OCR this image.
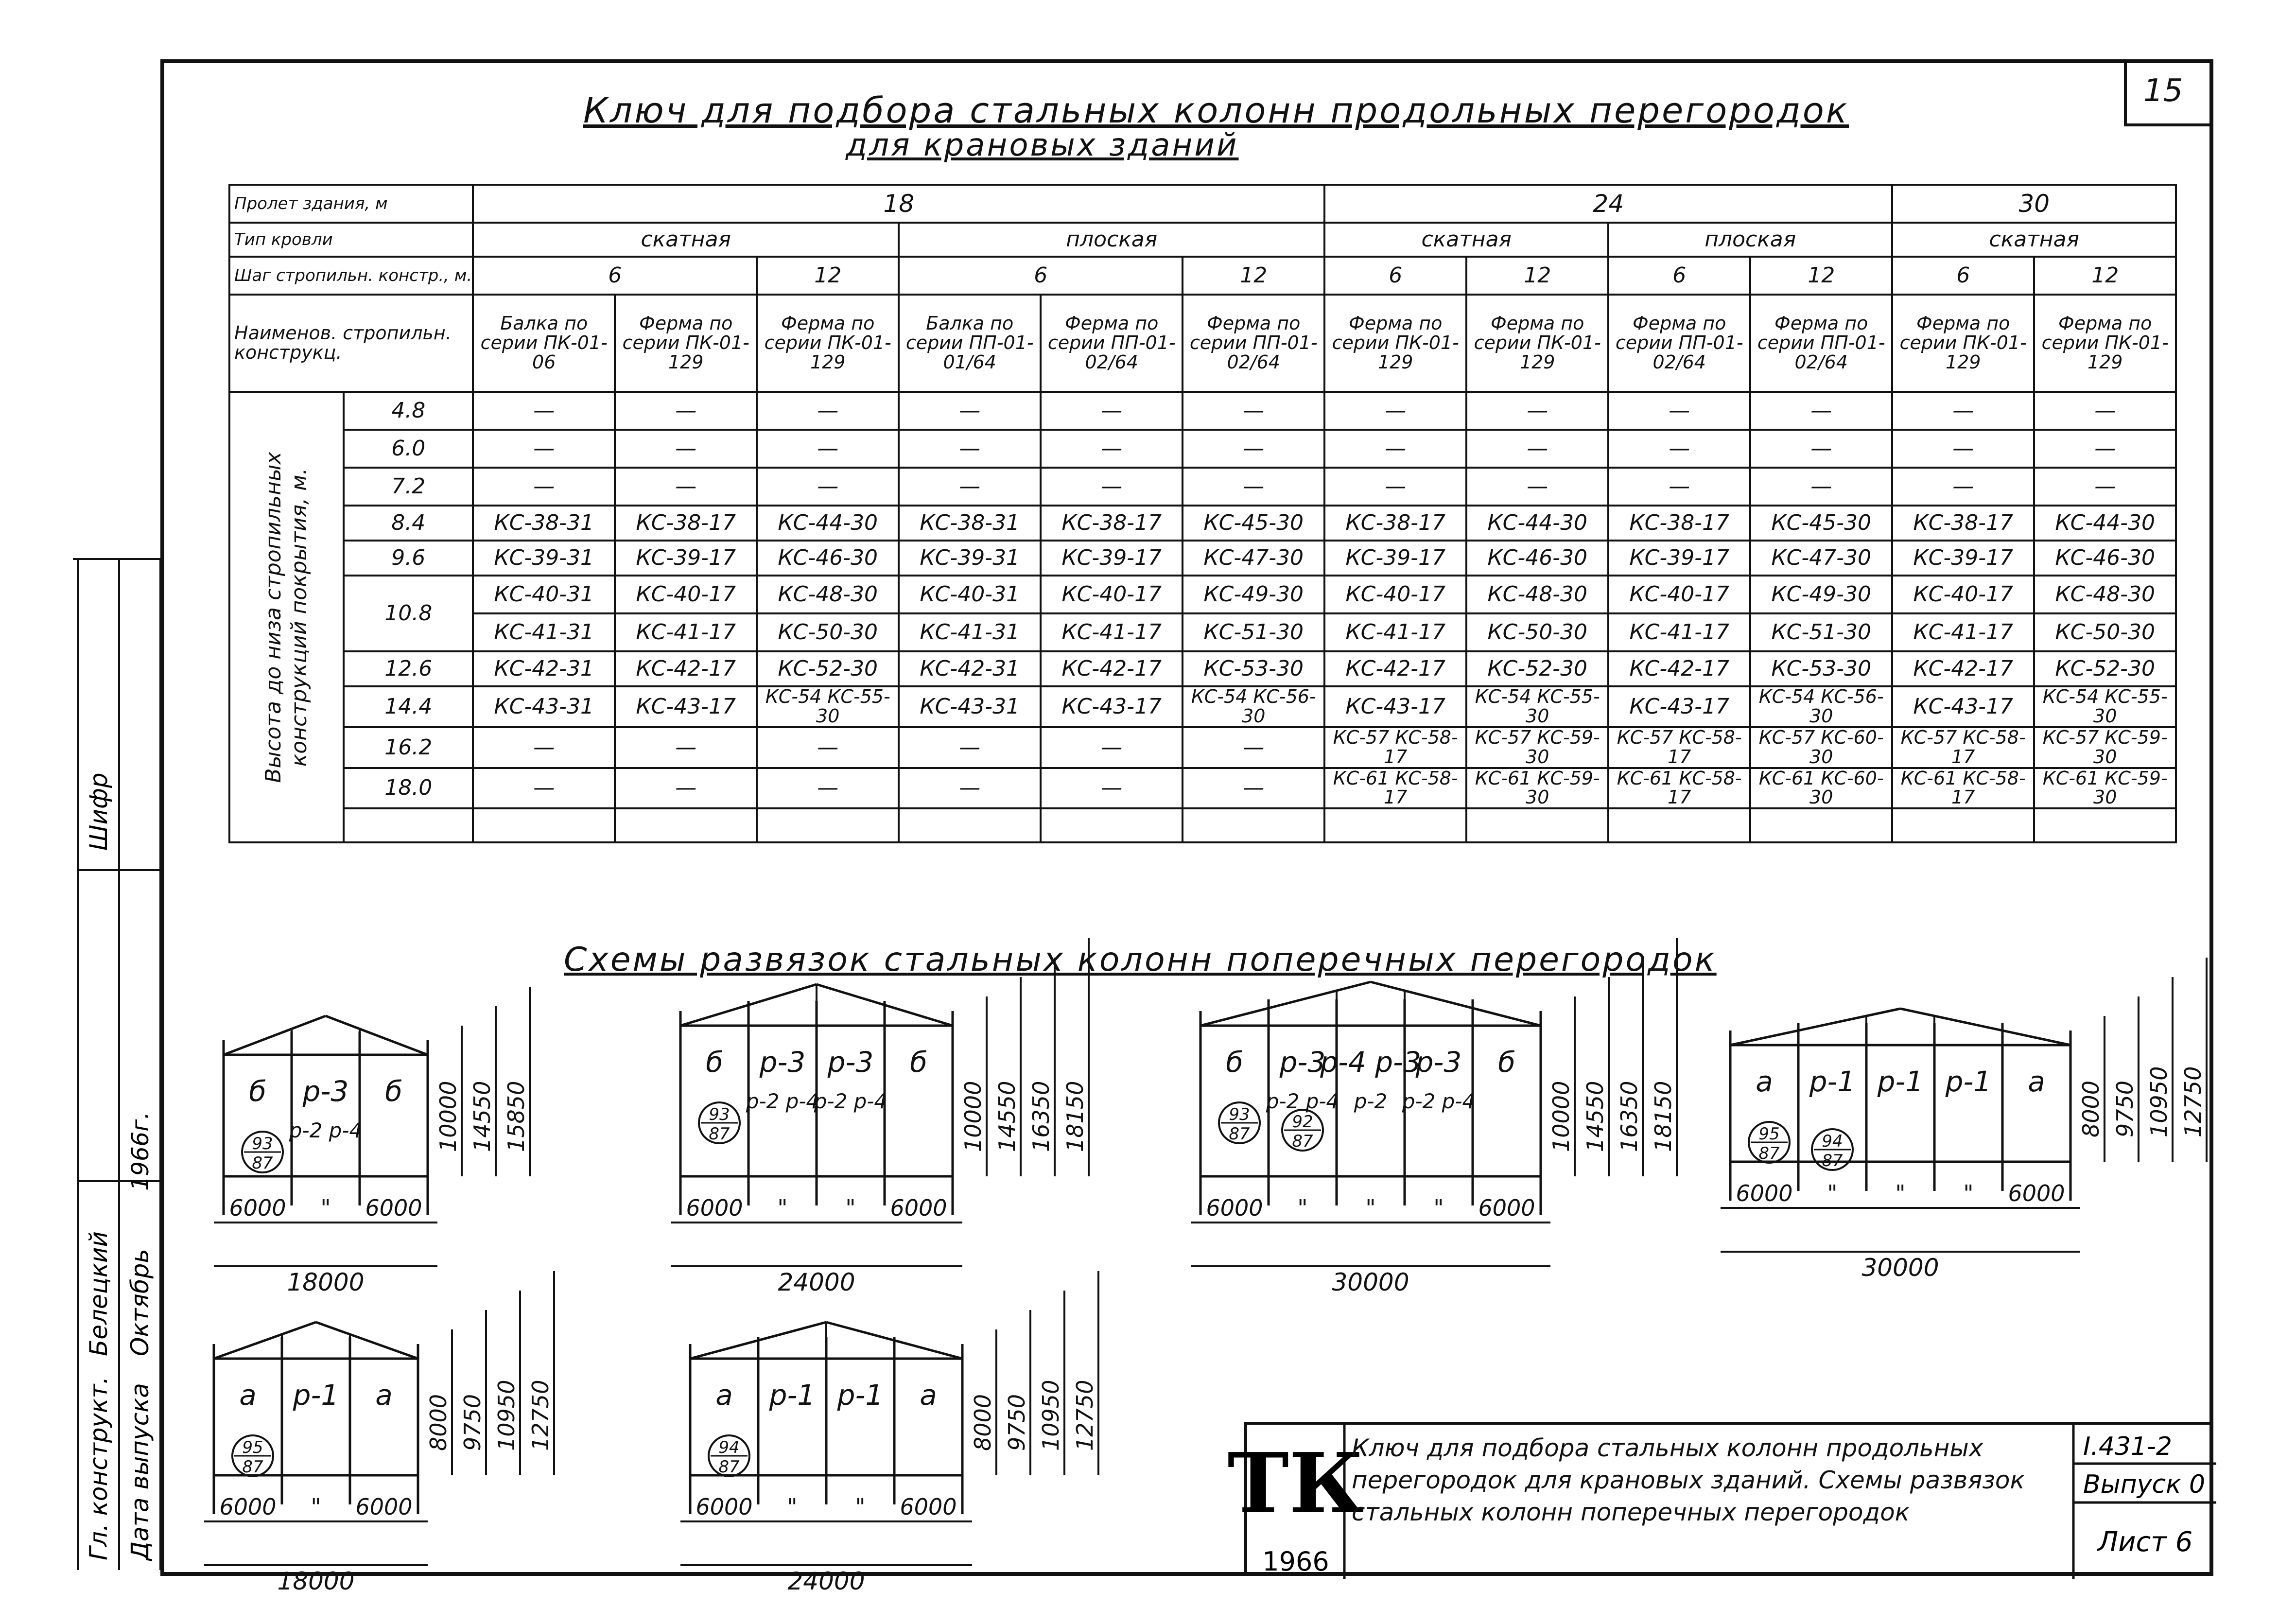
15
Ключ для подбора стальных колонн продольных перегородок
для крановых зданий
Пролет здания, м		18						24				30	
Тип кровли		скатная			плоская			скатная		плоская		скатная	
Шаг стропильн. констр., м.		6		12	6		12	6	12	6	12	6	12
Наименов. стропильн. конструкц.		Балка по серии ПК-01-06	Ферма по серии ПК-01-129	Ферма по серии ПК-01-129	Балка по серии ПП-01-01/64	Ферма по серии ПП-01-02/64	Ферма по серии ПП-01-02/64	Ферма по серии ПК-01-129	Ферма по серии ПК-01-129	Ферма по серии ПП-01-02/64	Ферма по серии ПП-01-02/64	Ферма по серии ПК-01-129	Ферма по серии ПК-01-129

Высота до низа стропильных конструкций покрытия, м.	4.8	—	—	—	—	—	—	—	—	—	—	—	—
	6.0	—	—	—	—	—	—	—	—	—	—	—	—
	7.2	—	—	—	—	—	—	—	—	—	—	—	—
	8.4	КС-38-31	КС-38-17	КС-44-30	КС-38-31	КС-38-17	КС-45-30	КС-38-17	КС-44-30	КС-38-17	КС-45-30	КС-38-17	КС-44-30
	9.6	КС-39-31	КС-39-17	КС-46-30	КС-39-31	КС-39-17	КС-47-30	КС-39-17	КС-46-30	КС-39-17	КС-47-30	КС-39-17	КС-46-30
	10.8	КС-40-31	КС-40-17	КС-48-30	КС-40-31	КС-40-17	КС-49-30	КС-40-17	КС-48-30	КС-40-17	КС-49-30	КС-40-17	КС-48-30
		КС-41-31	КС-41-17	КС-50-30	КС-41-31	КС-41-17	КС-51-30	КС-41-17	КС-50-30	КС-41-17	КС-51-30	КС-41-17	КС-50-30
	12.6	КС-42-31	КС-42-17	КС-52-30	КС-42-31	КС-42-17	КС-53-30	КС-42-17	КС-52-30	КС-42-17	КС-53-30	КС-42-17	КС-52-30
	14.4	КС-43-31	КС-43-17	КС-54 КС-55-30	КС-43-31	КС-43-17	КС-54 КС-56-30	КС-43-17	КС-54 КС-55-30	КС-43-17	КС-54 КС-56-30	КС-43-17	КС-54 КС-55-30
	16.2	—	—	—	—	—	—	КС-57 КС-58-17	КС-57 КС-59-30	КС-57 КС-58-17	КС-57 КС-60-30	КС-57 КС-58-17	КС-57 КС-59-30
	18.0	—	—	—	—	—	—	КС-61 КС-58-17	КС-61 КС-59-30	КС-61 КС-58-17	КС-61 КС-60-30	КС-61 КС-58-17	КС-61 КС-59-30

Схемы развязок стальных колонн поперечных перегородок
б р-3 б
р-2 р-4
93
87
10000 14550 15850
6000 " 6000
18000
б р-3 р-3 б
р-2 р-4
р-2 р-4
93
87	10000 14550 16350 18150
6000 "	" 6000
24000
б р-3
р-4 р-3
р-3 б
р-2 р-4 р-2 р-2 р-4
93
87
92
87	10000 14550 16350 18150
6000 "	"	" 6000
30000
а р-1 р-1 р-1 а
95
87
94
87
8000 9750 10950 12750
6000 "	"	" 6000
30000
а р-1 а
95
87
8000 9750 10950 12750
6000 " 6000
18000
а р-1 р-1 а
94
87
8000 9750 10950 12750
6000 "	" 6000
24000
Гл. конструкт. Дата выпуска
Белецкий Октябрь
1966г.
Шифр
ТК
1966
Ключ для подбора стальных колонн продольных перегородок для крановых зданий. Схемы развязок стальных колонн поперечных перегородок
I.431-2
Выпуск 0
Лист 6
